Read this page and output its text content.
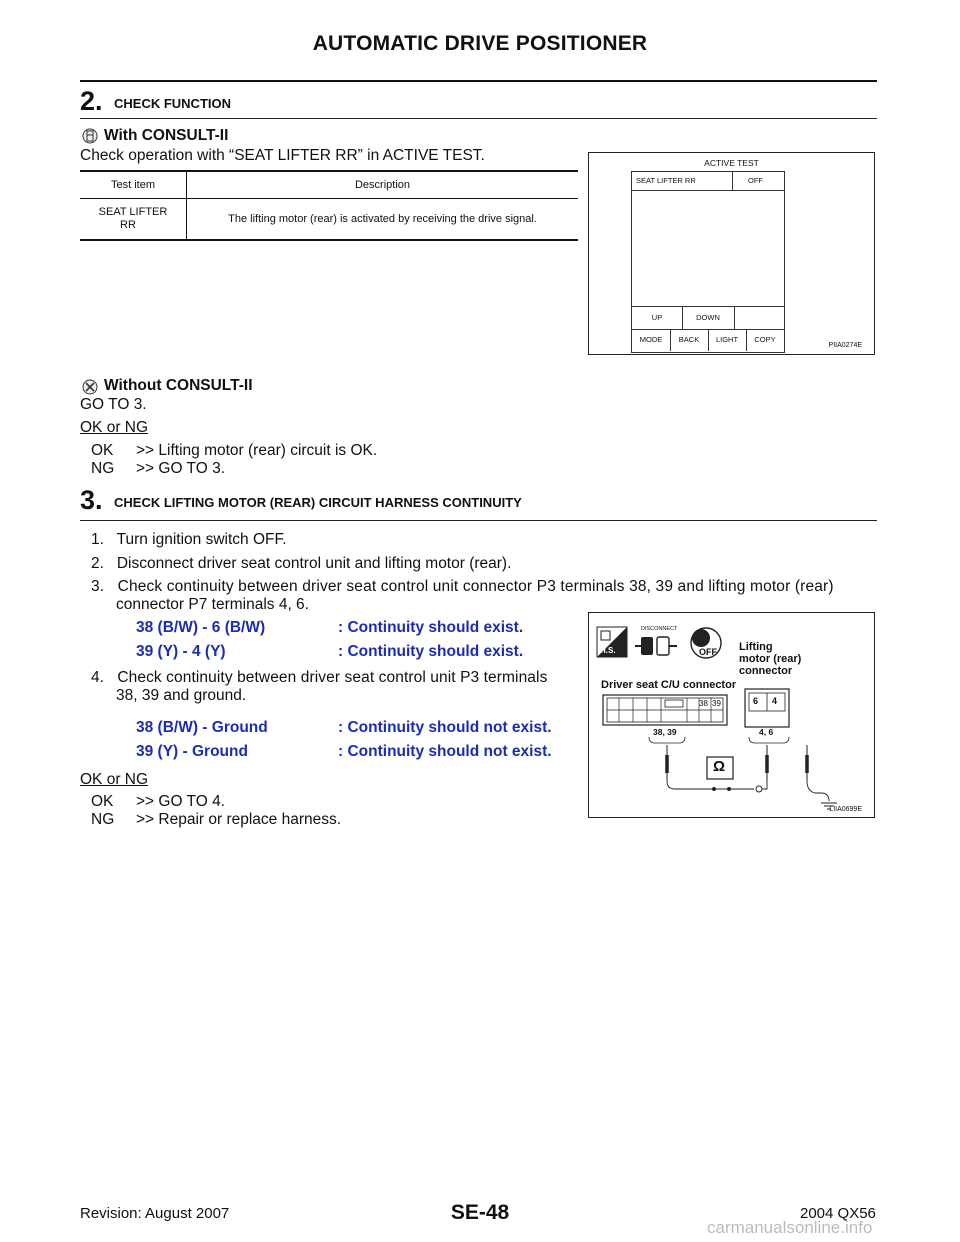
AUTOMATIC DRIVE POSITIONER
2. CHECK FUNCTION
With CONSULT-II
Check operation with “SEAT LIFTER RR” in ACTIVE TEST.
Test item	Description
SEAT LIFTER
RR	The lifting motor (rear) is activated by receiving the drive signal.
ACTIVE TEST
SEAT LIFTER RR	OFF
UP	DOWN
MODE	BACK	LIGHT	COPY
PIIA0274E
Without CONSULT-II
GO TO 3.
OK or NG
OK >> Lifting motor (rear) circuit is OK.
NG >> GO TO 3.
3. CHECK LIFTING MOTOR (REAR) CIRCUIT HARNESS CONTINUITY
1.   Turn ignition switch OFF.
2.   Disconnect driver seat control unit and lifting motor (rear).
3.   Check continuity between driver seat control unit connector P3 terminals 38, 39 and lifting motor (rear)
connector P7 terminals 4, 6.
38 (B/W) - 6 (B/W)	: Continuity should exist.
39 (Y) - 4 (Y)	: Continuity should exist.
4.   Check continuity between driver seat control unit P3 terminals
38, 39 and ground.
38 (B/W) - Ground	: Continuity should not exist.
39 (Y) - Ground	: Continuity should not exist.
OK or NG
OK >> GO TO 4.
NG >> Repair or replace harness.
H.S.
DISCONNECT
OFF Lifting
motor (rear)
connector
Driver seat C/U connector
38 39	6 4
38, 39	4, 6
Ω
LIIA0699E
Revision: August 2007	SE-48	2004 QX56
carmanualsonline.info
